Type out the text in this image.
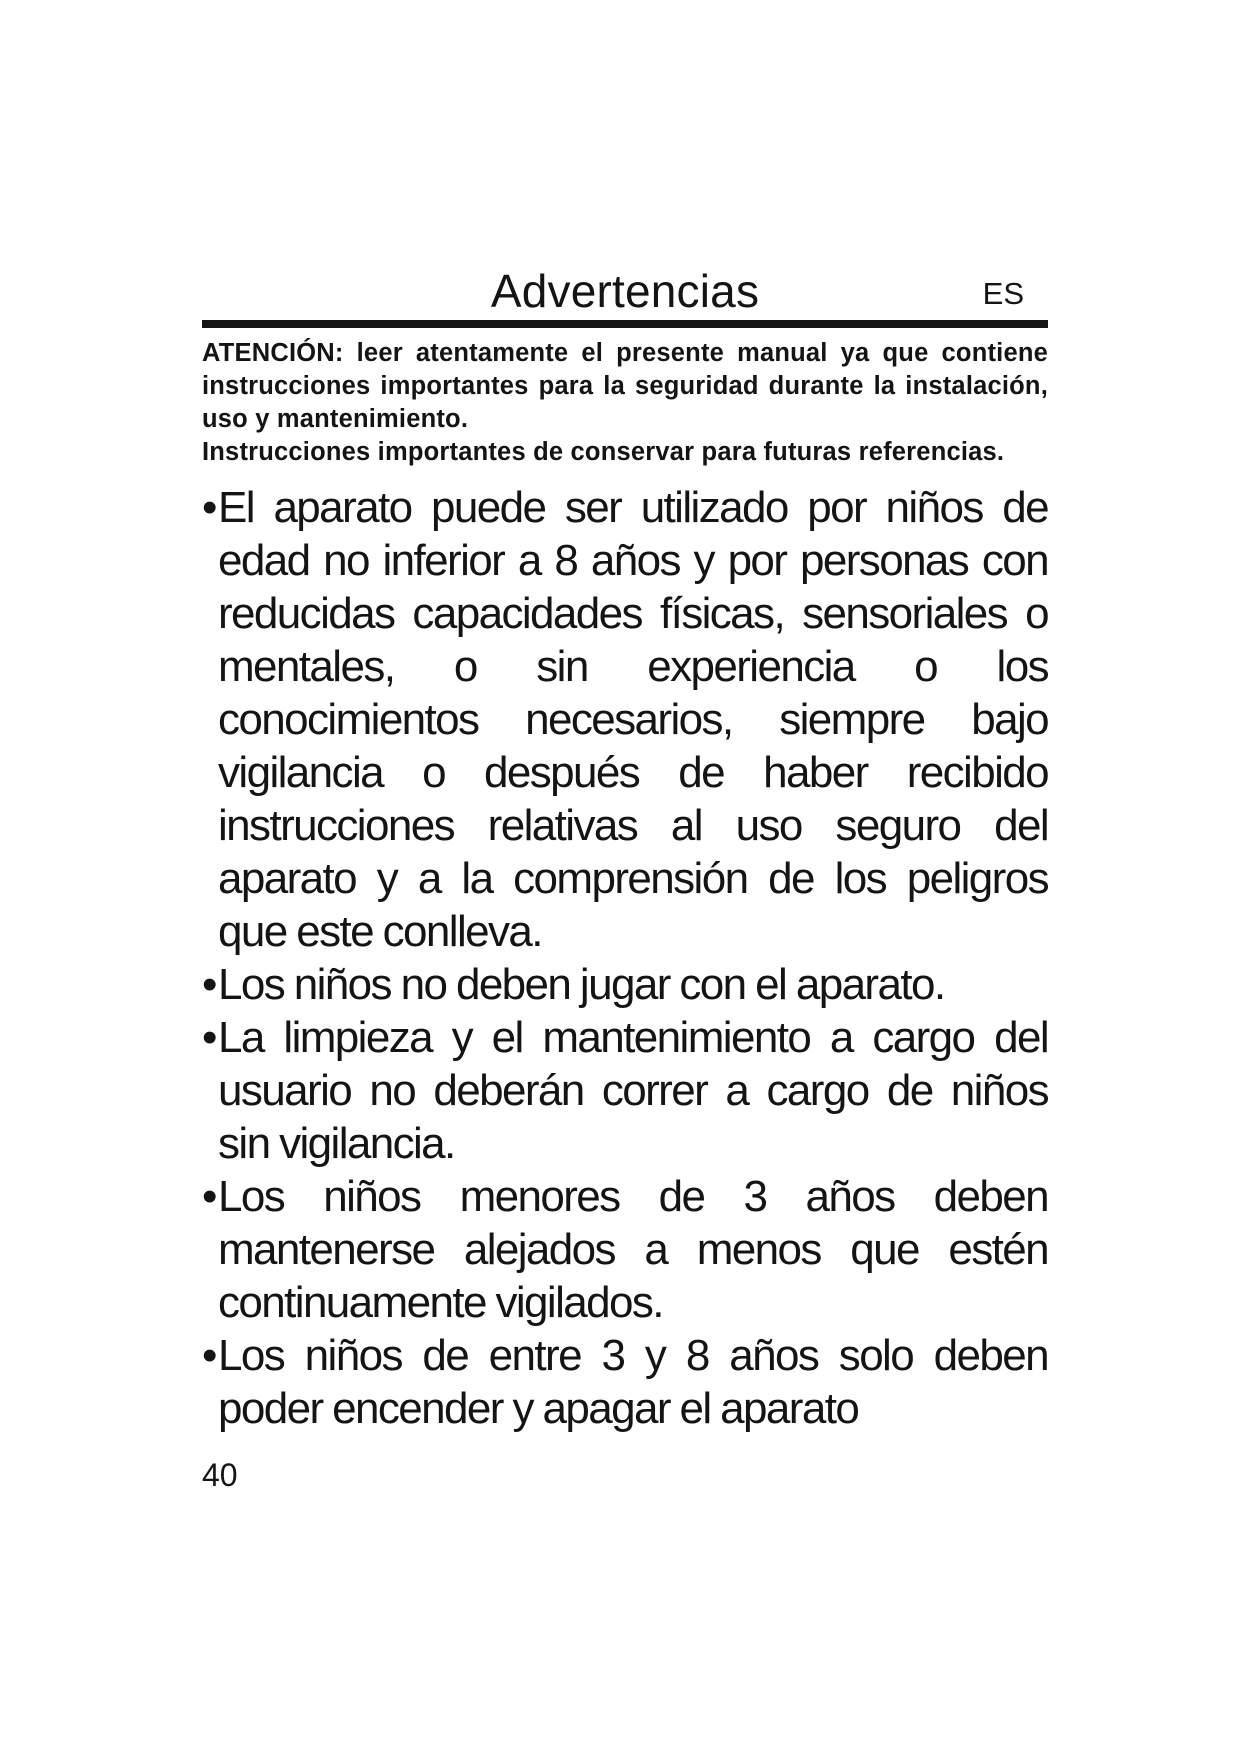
Advertencias	ES

ATENCIÓN: leer atentamente el presente manual ya que contiene instrucciones importantes para la seguridad durante la instalación, uso y mantenimiento.

Instrucciones importantes de conservar para futuras referencias.

• El aparato puede ser utilizado por niños de edad no inferior a 8 años y por personas con reducidas capacidades físicas, sensoriales o mentales, o sin experiencia o los conocimientos necesarios, siempre bajo vigilancia o después de haber recibido instrucciones relativas al uso seguro del aparato y a la comprensión de los peligros que este conlleva.
• Los niños no deben jugar con el aparato.
• La limpieza y el mantenimiento a cargo del usuario no deberán correr a cargo de niños sin vigilancia.
• Los niños menores de 3 años deben mantenerse alejados a menos que estén continuamente vigilados.
• Los niños de entre 3 y 8 años solo deben poder encender y apagar el aparato
40
